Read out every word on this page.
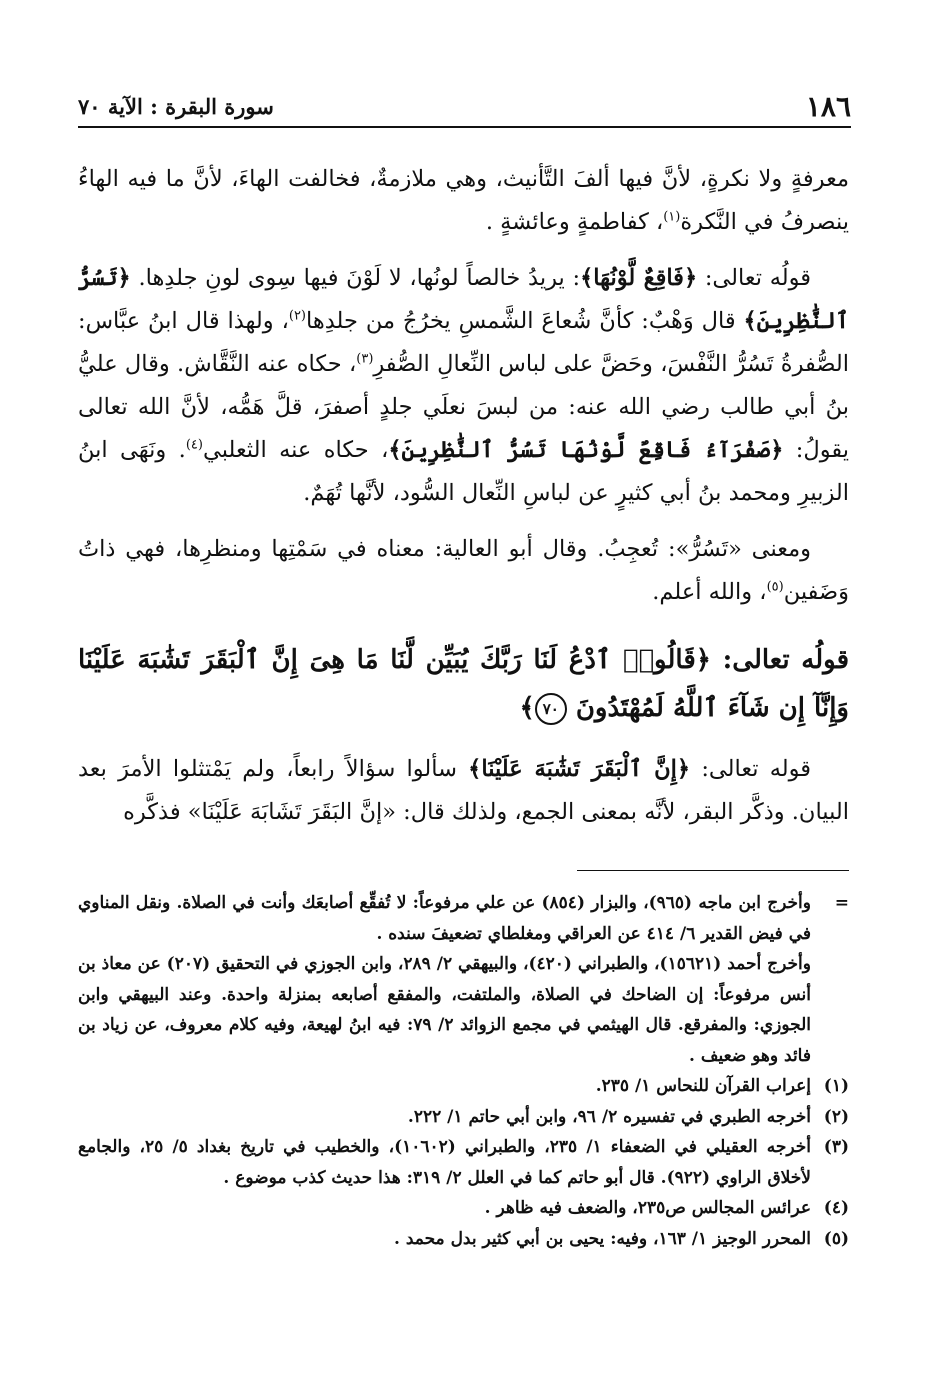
١٨٦
سورة البقرة : الآية ٧٠

معرفةٍ ولا نكرةٍ، لأنَّ فيها ألفَ التَّأنيث، وهي ملازمةٌ، فخالفت الهاءَ، لأنَّ ما فيه الهاءُ ينصرفُ في النَّكرة$^{(١)}$، كفاطمةٍ وعائشةٍ .

قولُه تعالى: ﴿فَاقِعٌ لَّوْنُهَا﴾: يريدُ خالصاً لونُها، لا لَوْنَ فيها سِوى لونِ جلدِها. ﴿تَسُرُّ ٱلنَّٰظِرِينَ﴾ قال وَهْبٌ: كأنَّ شُعاعَ الشَّمسِ يخرُجُ من جلدِها$^{(٢)}$، ولهذا قال ابنُ عبَّاس: الصُّفرةُ تَسُرُّ النَّفْسَ، وحَضَّ على لباس النِّعالِ الصُّفرِ$^{(٣)}$، حكاه عنه النَّقَّاش. وقال عليُّ بنُ أبي طالب رضي الله عنه: من لبسَ نعلَي جلدٍ أصفرَ، قلَّ هَمُّه، لأنَّ الله تعالى يقولُ: ﴿صَفْرَآءُ فَاقِعٌ لَّوْنُهَا تَسُرُّ ٱلنَّٰظِرِينَ﴾، حكاه عنه الثعلبي$^{(٤)}$. ونَهَى ابنُ الزبيرِ ومحمد بنُ أبي كثيرٍ عن لباسِ النِّعال السُّود، لأنَّها تُهَمٌ.

ومعنى «تَسُرُّ»: تُعجِبُ. وقال أبو العالية: معناه في سَمْتِها ومنظرِها، فهي ذاتُ وَضَفين$^{(٥)}$، والله أعلم.

قولُه تعالى: ﴿قَالُوا۟ ٱدْعُ لَنَا رَبَّكَ يُبَيِّن لَّنَا مَا هِىَ إِنَّ ٱلْبَقَرَ تَشَٰبَهَ عَلَيْنَا وَإِنَّآ إِن شَآءَ ٱللَّهُ لَمُهْتَدُونَ ٧٠﴾

قوله تعالى: ﴿إِنَّ ٱلْبَقَرَ تَشَٰبَهَ عَلَيْنَا﴾ سألوا سؤالاً رابعاً، ولم يَمْتثلوا الأمرَ بعد البيان. وذكَّر البقر، لأنَّه بمعنى الجمع، ولذلك قال: «إنَّ البَقَرَ تَشَابَهَ عَلَيْنَا» فذكَّره

=
وأخرج ابن ماجه (٩٦٥)، والبزار (٨٥٤) عن علي مرفوعاً: لا تُفقِّع أصابعَك وأنت في الصلاة. ونقل المناوي في فيض القدير ٦/ ٤١٤ عن العراقي ومغلطاي تضعيفَ سنده .
وأخرج أحمد (١٥٦٢١)، والطبراني (٤٢٠)، والبيهقي ٢/ ٢٨٩، وابن الجوزي في التحقيق (٢٠٧) عن معاذ بن أنس مرفوعاً: إن الضاحك في الصلاة، والملتفت، والمفقع أصابعه بمنزلة واحدة. وعند البيهقي وابن الجوزي: والمفرقع. قال الهيثمي في مجمع الزوائد ٢/ ٧٩: فيه ابنُ لهيعة، وفيه كلام معروف، عن زياد بن فائد وهو ضعيف .
(١)
إعراب القرآن للنحاس ١/ ٢٣٥.
(٢)
أخرجه الطبري في تفسيره ٢/ ٩٦، وابن أبي حاتم ١/ ٢٢٢.
(٣)
أخرجه العقيلي في الضعفاء ١/ ٢٣٥، والطبراني (١٠٦٠٢)، والخطيب في تاريخ بغداد ٥/ ٢٥، والجامع لأخلاق الراوي (٩٢٢). قال أبو حاتم كما في العلل ٢/ ٣١٩: هذا حديث كذب موضوع .
(٤)
عرائس المجالس ص٢٣٥، والضعف فيه ظاهر .
(٥)
المحرر الوجيز ١/ ١٦٣، وفيه: يحيى بن أبي كثير بدل محمد .
